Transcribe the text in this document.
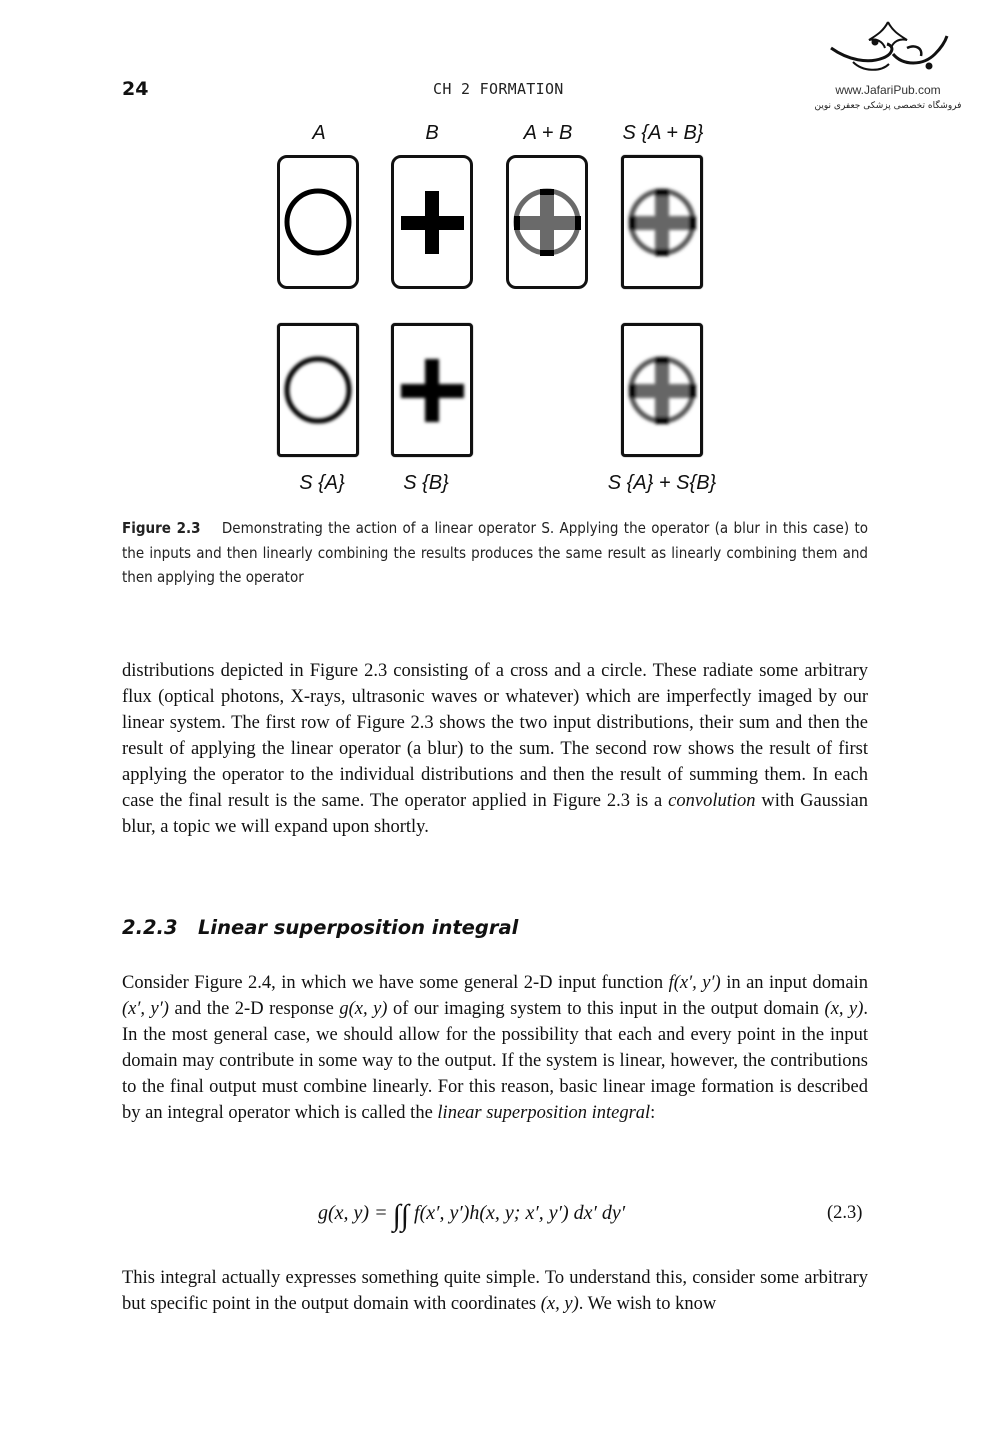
24	CH 2 FORMATION	www.JafariPub.com
فروشگاه تخصصی پزشکی جعفری نوین
A	B	A + B	S {A + B}
S {A}	S {B}	S {A} + S{B}
Figure 2.3 Demonstrating the action of a linear operator S. Applying the operator (a blur in this case) to the inputs and then linearly combining the results produces the same result as linearly combining them and then applying the operator
distributions depicted in Figure 2.3 consisting of a cross and a circle. These radiate some arbitrary flux (optical photons, X-rays, ultrasonic waves or whatever) which are imperfectly imaged by our linear system. The first row of Figure 2.3 shows the two input distributions, their sum and then the result of applying the linear operator (a blur) to the sum. The second row shows the result of first applying the operator to the individual distributions and then the result of summing them. In each case the final result is the same. The operator applied in Figure 2.3 is a convolution with Gaussian blur, a topic we will expand upon shortly.
2.2.3 Linear superposition integral
Consider Figure 2.4, in which we have some general 2-D input function f(x′, y′) in an input domain (x′, y′) and the 2-D response g(x, y) of our imaging system to this input in the output domain (x, y). In the most general case, we should allow for the possibility that each and every point in the input domain may contribute in some way to the output. If the system is linear, however, the contributions to the final output must combine linearly. For this reason, basic linear image formation is described by an integral operator which is called the linear superposition integral:
g(x, y) = ∫∫ f(x′, y′)h(x, y; x′, y′) dx′ dy′	(2.3)
This integral actually expresses something quite simple. To understand this, consider some arbitrary but specific point in the output domain with coordinates (x, y). We wish to know
